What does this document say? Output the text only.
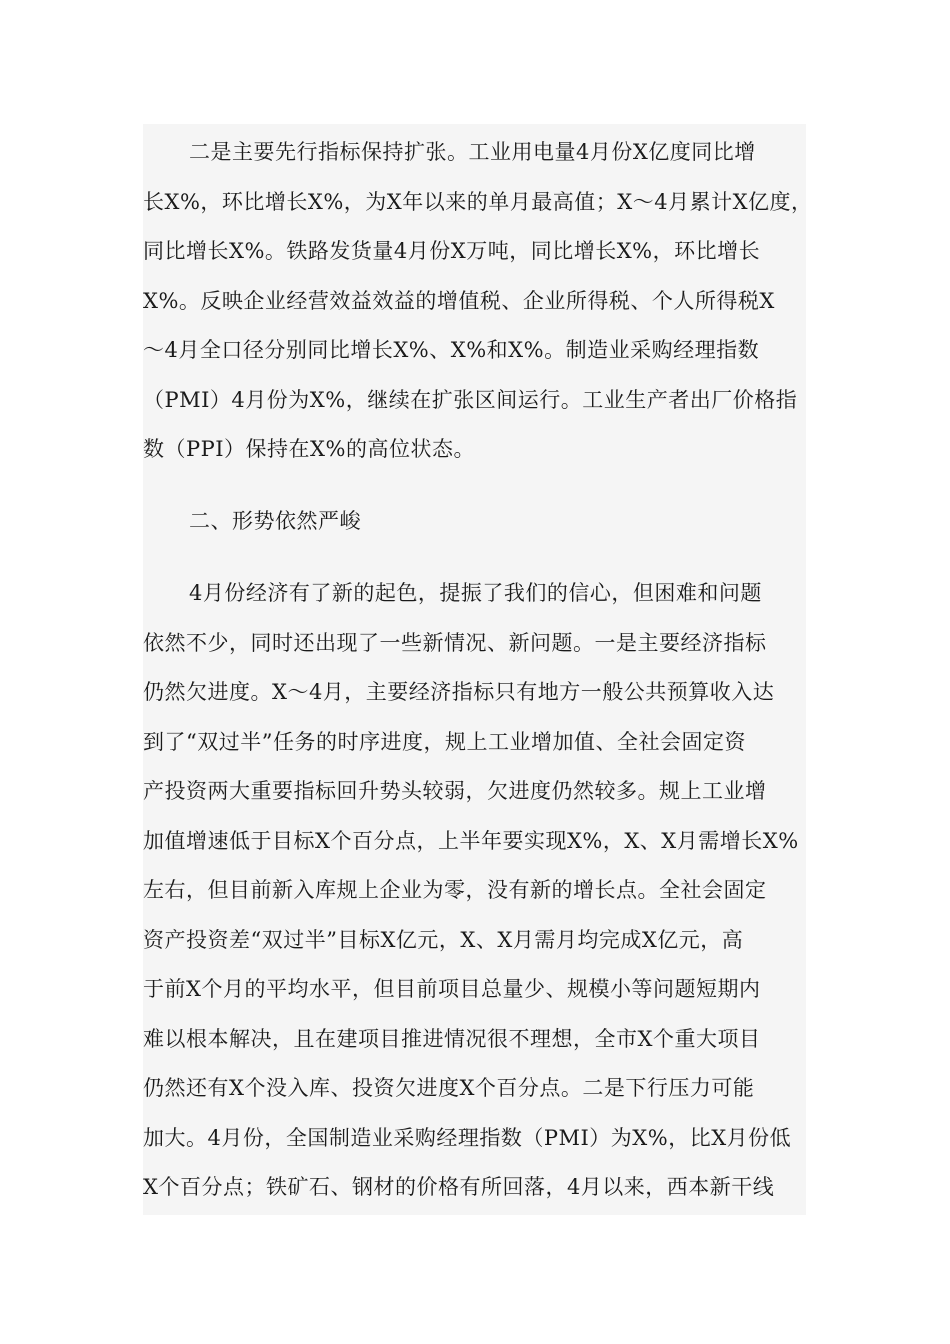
二是主要先行指标保持扩张。工业用电量4月份X亿度同比增
长X%，环比增长X%，为X年以来的单月最高值；X～4月累计X亿度，
同比增长X%。铁路发货量4月份X万吨，同比增长X%，环比增长
X%。反映企业经营效益效益的增值税、企业所得税、个人所得税X
～4月全口径分别同比增长X%、X%和X%。制造业采购经理指数
（PMI）4月份为X%，继续在扩张区间运行。工业生产者出厂价格指
数（PPI）保持在X%的高位状态。
二、形势依然严峻
4月份经济有了新的起色，提振了我们的信心，但困难和问题
依然不少，同时还出现了一些新情况、新问题。一是主要经济指标
仍然欠进度。X～4月，主要经济指标只有地方一般公共预算收入达
到了“双过半”任务的时序进度，规上工业增加值、全社会固定资
产投资两大重要指标回升势头较弱，欠进度仍然较多。规上工业增
加值增速低于目标X个百分点，上半年要实现X%，X、X月需增长X%
左右，但目前新入库规上企业为零，没有新的增长点。全社会固定
资产投资差“双过半”目标X亿元，X、X月需月均完成X亿元，高
于前X个月的平均水平，但目前项目总量少、规模小等问题短期内
难以根本解决，且在建项目推进情况很不理想，全市X个重大项目
仍然还有X个没入库、投资欠进度X个百分点。二是下行压力可能
加大。4月份，全国制造业采购经理指数（PMI）为X%，比X月份低
X个百分点；铁矿石、钢材的价格有所回落，4月以来，西本新干线
